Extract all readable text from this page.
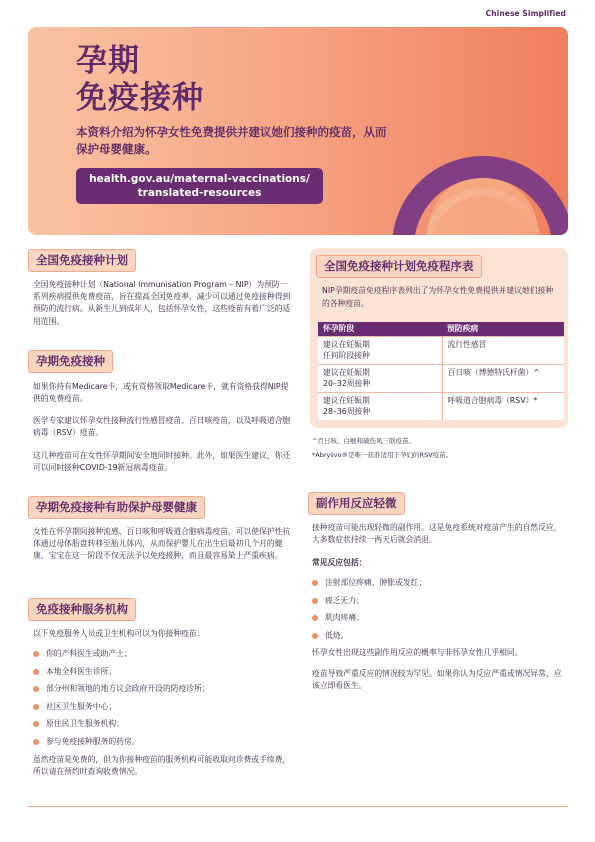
Chinese Simplified
孕期
免疫接种
本资料介绍为怀孕女性免费提供并建议她们接种的疫苗，从而保护母婴健康。
health.gov.au/maternal-vaccinations/
translated-resources
全国免疫接种计划
全国免疫接种计划（National Immunisation Program – NIP）为预防一系列疾病提供免费疫苗，旨在提高全国免疫率，减少可以通过免疫接种得到预防的流行病。从新生儿到成年人，包括怀孕女性，这些疫苗有着广泛的适用范围。
孕期免疫接种
如果你持有Medicare卡，或有资格领取Medicare卡，就有资格获得NIP提供的免费疫苗。
医学专家建议怀孕女性接种流行性感冒疫苗、百日咳疫苗，以及呼吸道合胞病毒（RSV）疫苗。
这几种疫苗可在女性怀孕期间安全地同时接种。此外，如果医生建议，你还可以同时接种COVID-19新冠病毒疫苗。
孕期免疫接种有助保护母婴健康
女性在怀孕期间接种流感、百日咳和呼吸道合胞病毒疫苗，可以使保护性抗体通过母体胎盘转移至胎儿体内，从而保护婴儿在出生后最初几个月的健康。宝宝在这一阶段不仅无法予以免疫接种，而且最容易染上严重疾病。
免疫接种服务机构
以下免疫服务人员或卫生机构可以为你接种疫苗：
你的产科医生或助产士；
本地全科医生诊所；
部分州和领地的地方议会政府开设的防疫诊所；
社区卫生服务中心；
原住民卫生服务机构；
参与免疫接种服务的药房。
虽然疫苗是免费的，但为你接种疫苗的服务机构可能收取问诊费或手续费，所以请在预约时查询收费情况。
全国免疫接种计划免疫程序表
NIP孕期疫苗免疫程序表列出了为怀孕女性免费提供并建议她们接种的各种疫苗。
怀孕阶段	预防疾病
建议在妊娠期
任何阶段接种	流行性感冒
建议在妊娠期
20–32周接种	百日咳（博德特氏杆菌）^
建议在妊娠期
28–36周接种	呼吸道合胞病毒（RSV）*
^百日咳、白喉和破伤风三联疫苗。
*Abrysvo®是唯一获准适用于孕妇的RSV疫苗。
副作用反应轻微
接种疫苗可能出现轻微的副作用。这是免疫系统对疫苗产生的自然反应，大多数症状持续一两天后就会消退。
常见反应包括：
注射部位疼痛、肿胀或发红；
疲乏无力；
肌肉疼痛；
低烧。
怀孕女性出现这些副作用反应的概率与非怀孕女性几乎相同。
疫苗导致严重反应的情况较为罕见。如果你认为反应严重或情况异常，应该立即看医生。
